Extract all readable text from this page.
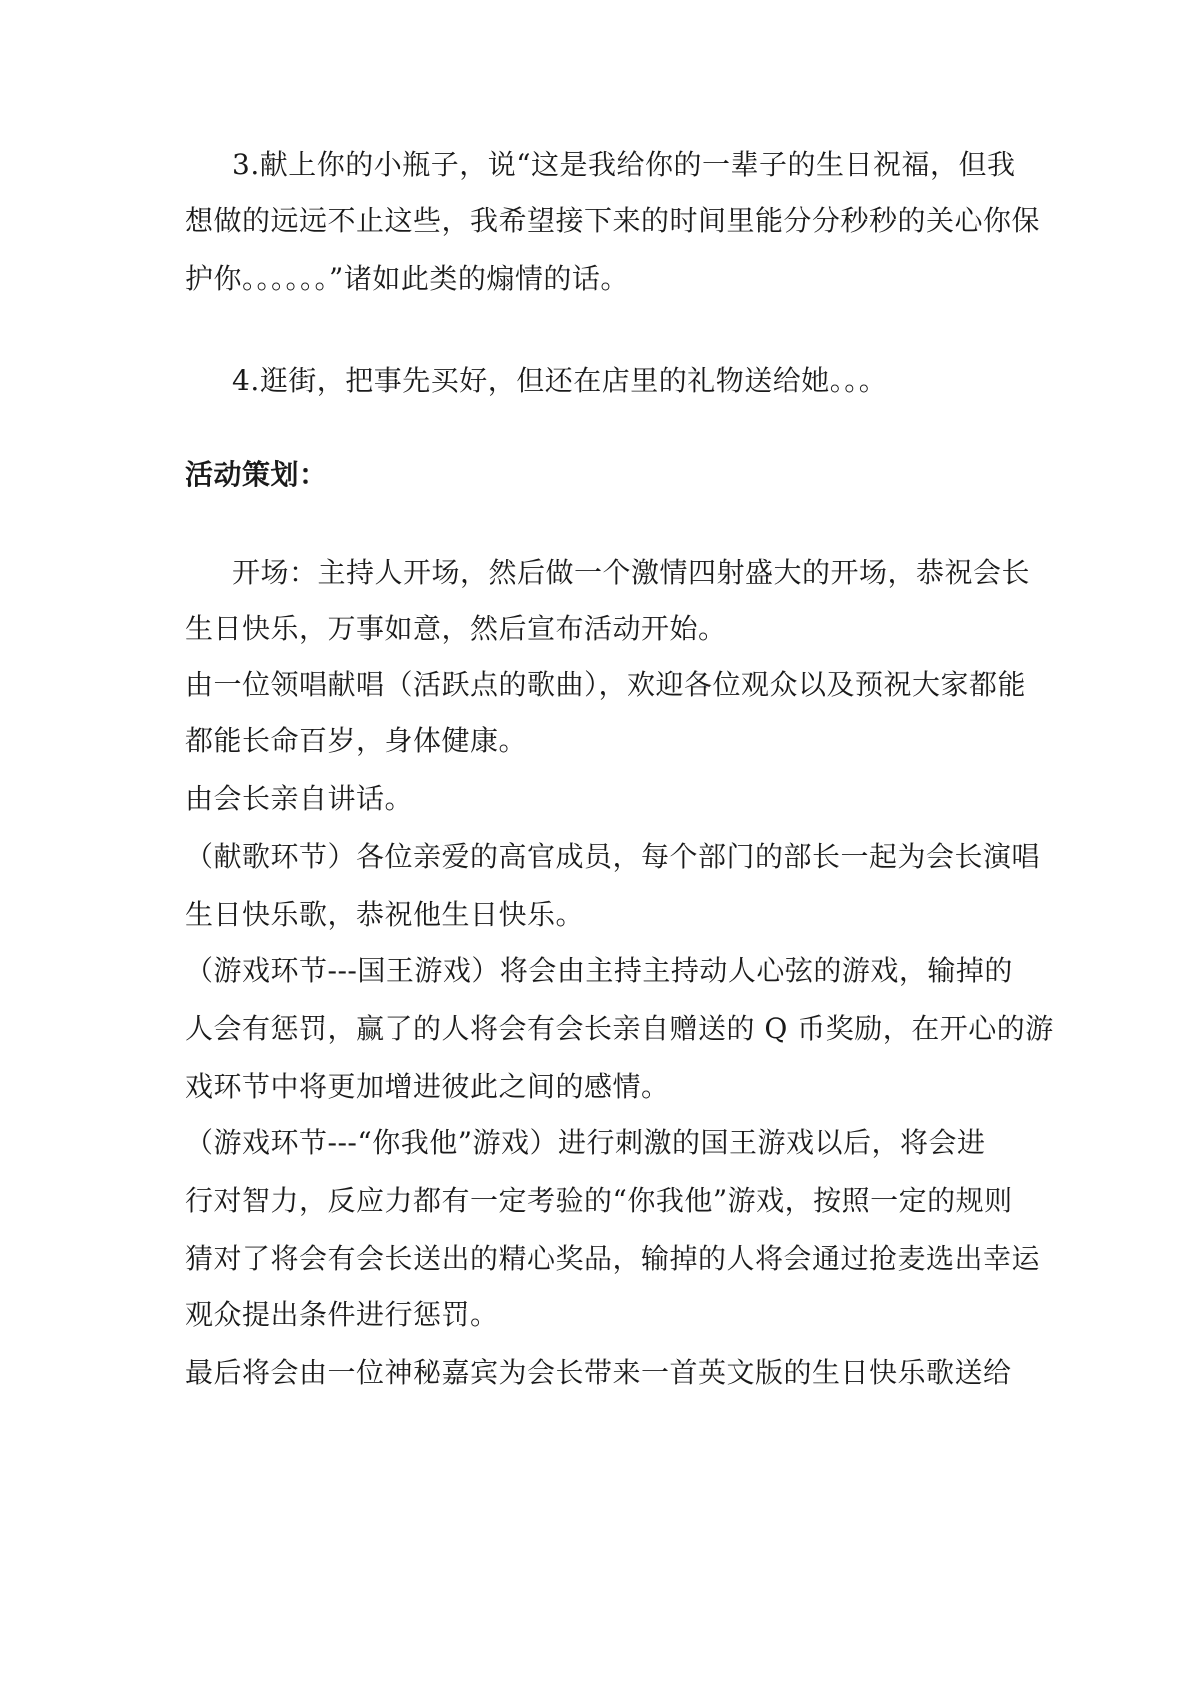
3.献上你的小瓶子，说“这是我给你的一辈子的生日祝福，但我
想做的远远不止这些，我希望接下来的时间里能分分秒秒的关心你保
护你。。。。。。”诸如此类的煽情的话。
4.逛街，把事先买好，但还在店里的礼物送给她。。。
活动策划：
开场：主持人开场，然后做一个激情四射盛大的开场，恭祝会长
生日快乐，万事如意，然后宣布活动开始。
由一位领唱献唱（活跃点的歌曲），欢迎各位观众以及预祝大家都能
都能长命百岁，身体健康。
由会长亲自讲话。
（献歌环节）各位亲爱的高官成员，每个部门的部长一起为会长演唱
生日快乐歌，恭祝他生日快乐。
（游戏环节---国王游戏）将会由主持主持动人心弦的游戏，输掉的
人会有惩罚，赢了的人将会有会长亲自赠送的 Q 币奖励，在开心的游
戏环节中将更加增进彼此之间的感情。
（游戏环节---“你我他”游戏）进行刺激的国王游戏以后，将会进
行对智力，反应力都有一定考验的“你我他”游戏，按照一定的规则
猜对了将会有会长送出的精心奖品，输掉的人将会通过抢麦选出幸运
观众提出条件进行惩罚。
最后将会由一位神秘嘉宾为会长带来一首英文版的生日快乐歌送给
